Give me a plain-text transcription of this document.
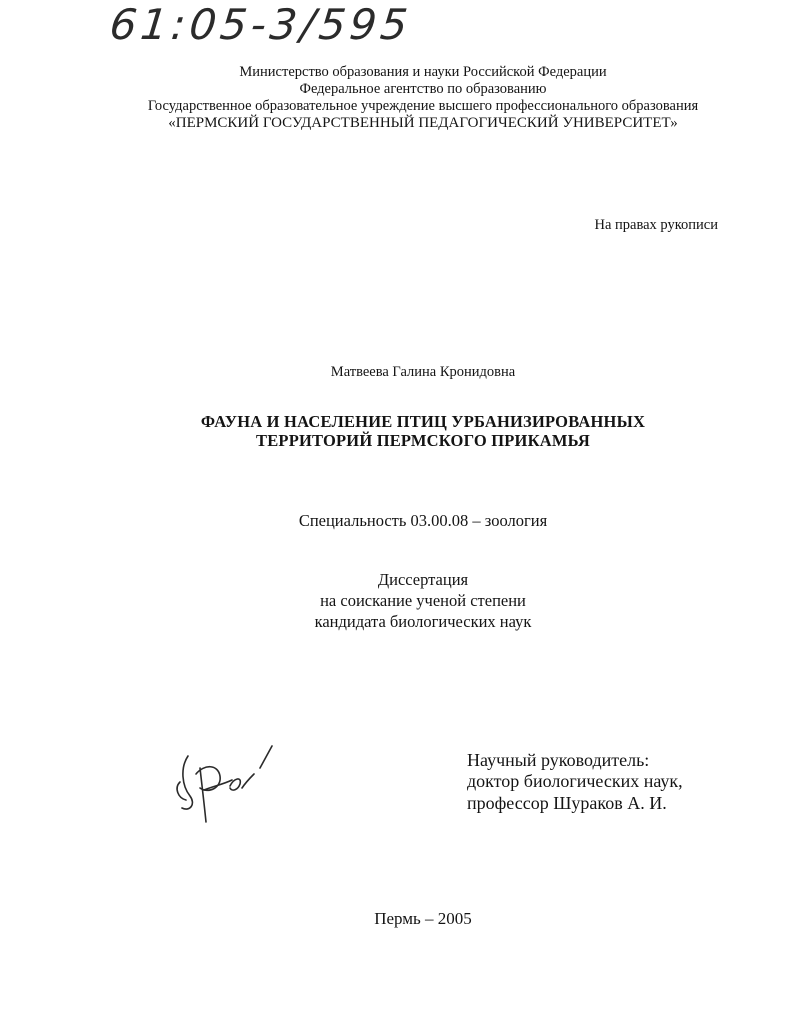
61:05-3/595
Министерство образования и науки Российской Федерации
Федеральное агентство по образованию
Государственное образовательное учреждение высшего профессионального образования
«ПЕРМСКИЙ ГОСУДАРСТВЕННЫЙ ПЕДАГОГИЧЕСКИЙ УНИВЕРСИТЕТ»
На правах рукописи
Матвеева Галина Кронидовна
ФАУНА И НАСЕЛЕНИЕ ПТИЦ УРБАНИЗИРОВАННЫХ
ТЕРРИТОРИЙ ПЕРМСКОГО ПРИКАМЬЯ
Специальность 03.00.08 – зоология
Диссертация
на соискание ученой степени
кандидата биологических наук
Научный руководитель:
доктор биологических наук,
профессор Шураков А. И.
Пермь – 2005
